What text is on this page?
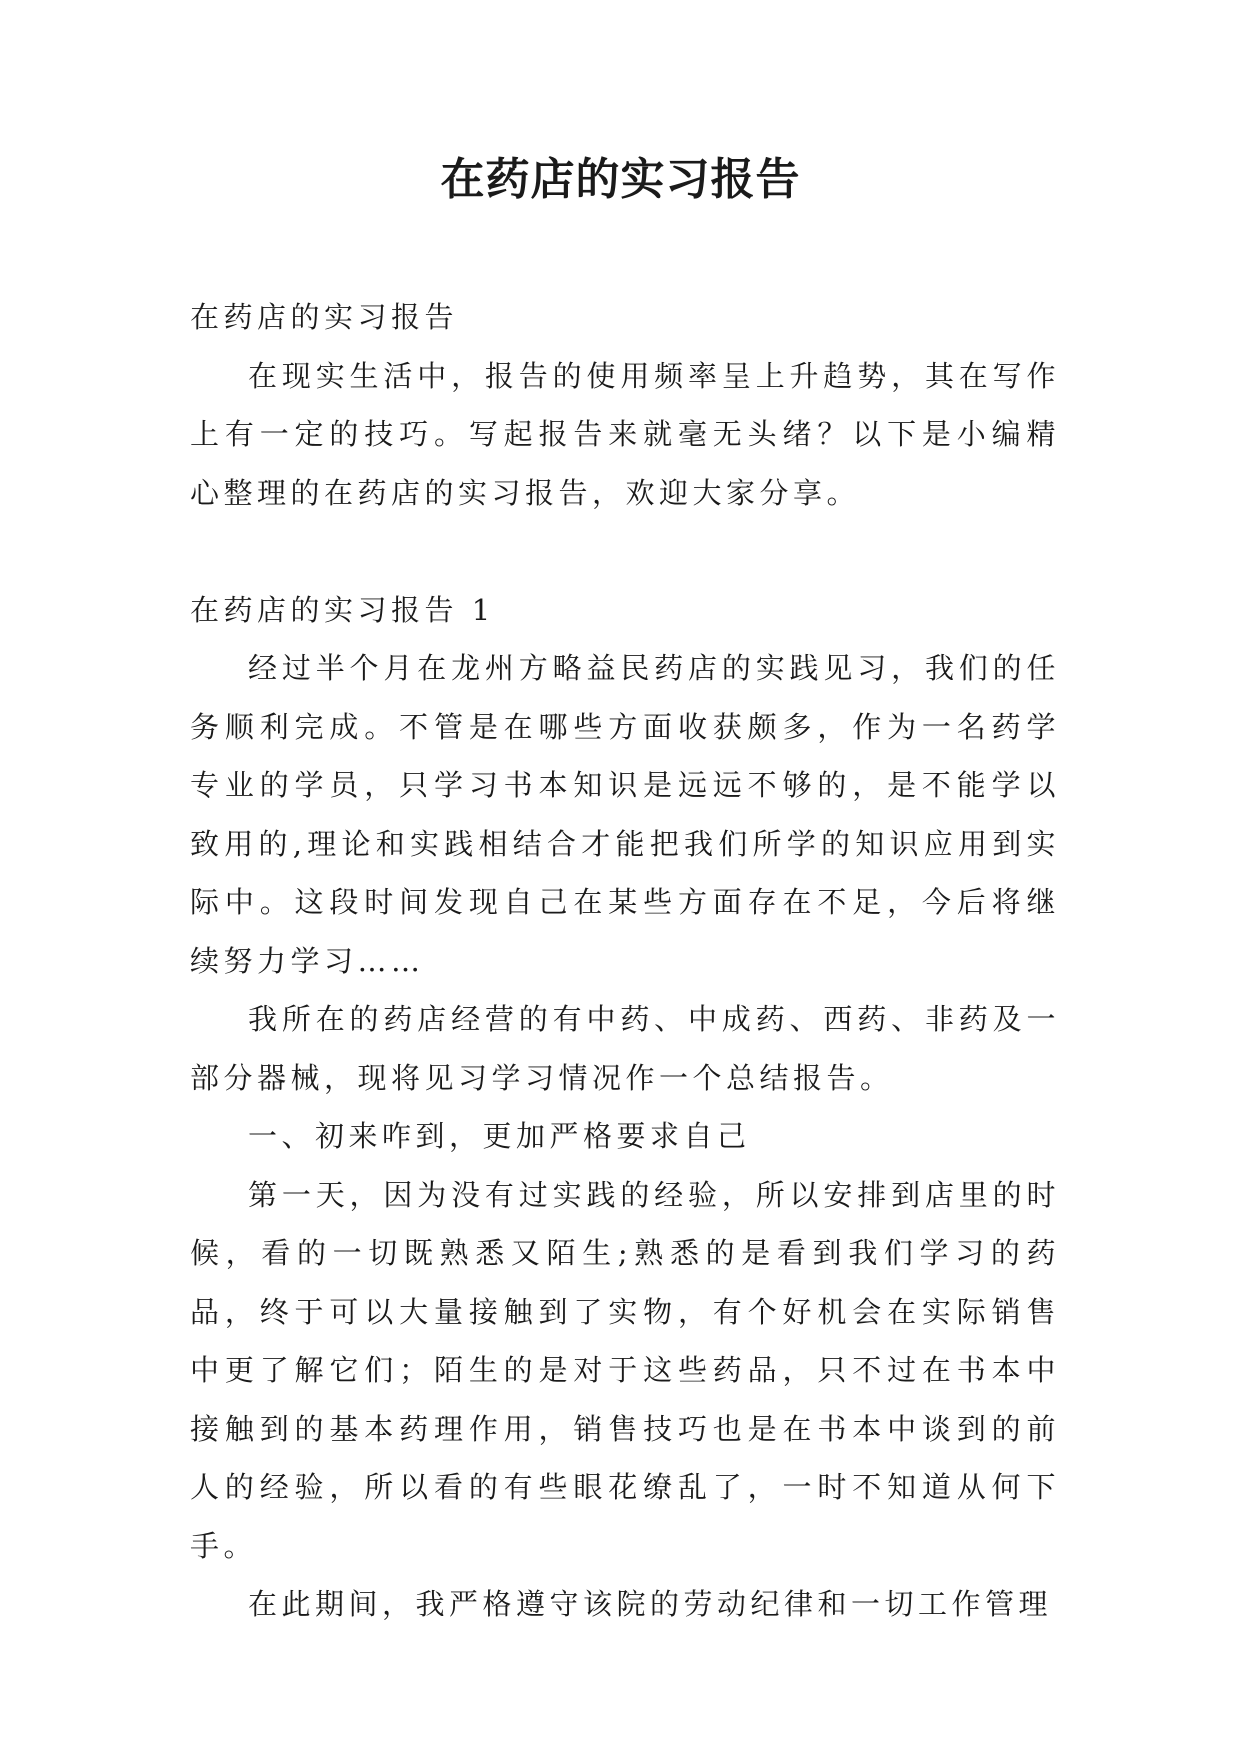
在药店的实习报告

在药店的实习报告

在现实生活中，报告的使用频率呈上升趋势，其在写作上有一定的技巧。写起报告来就毫无头绪？以下是小编精心整理的在药店的实习报告，欢迎大家分享。

在药店的实习报告 1

经过半个月在龙州方略益民药店的实践见习，我们的任务顺利完成。不管是在哪些方面收获颇多，作为一名药学专业的学员，只学习书本知识是远远不够的，是不能学以致用的,理论和实践相结合才能把我们所学的知识应用到实际中。这段时间发现自己在某些方面存在不足，今后将继续努力学习……

我所在的药店经营的有中药、中成药、西药、非药及一部分器械，现将见习学习情况作一个总结报告。

一、初来咋到，更加严格要求自己

第一天，因为没有过实践的经验，所以安排到店里的时候，看的一切既熟悉又陌生;熟悉的是看到我们学习的药品，终于可以大量接触到了实物，有个好机会在实际销售中更了解它们；陌生的是对于这些药品，只不过在书本中接触到的基本药理作用，销售技巧也是在书本中谈到的前人的经验，所以看的有些眼花缭乱了，一时不知道从何下手。

在此期间，我严格遵守该院的劳动纪律和一切工作管理
